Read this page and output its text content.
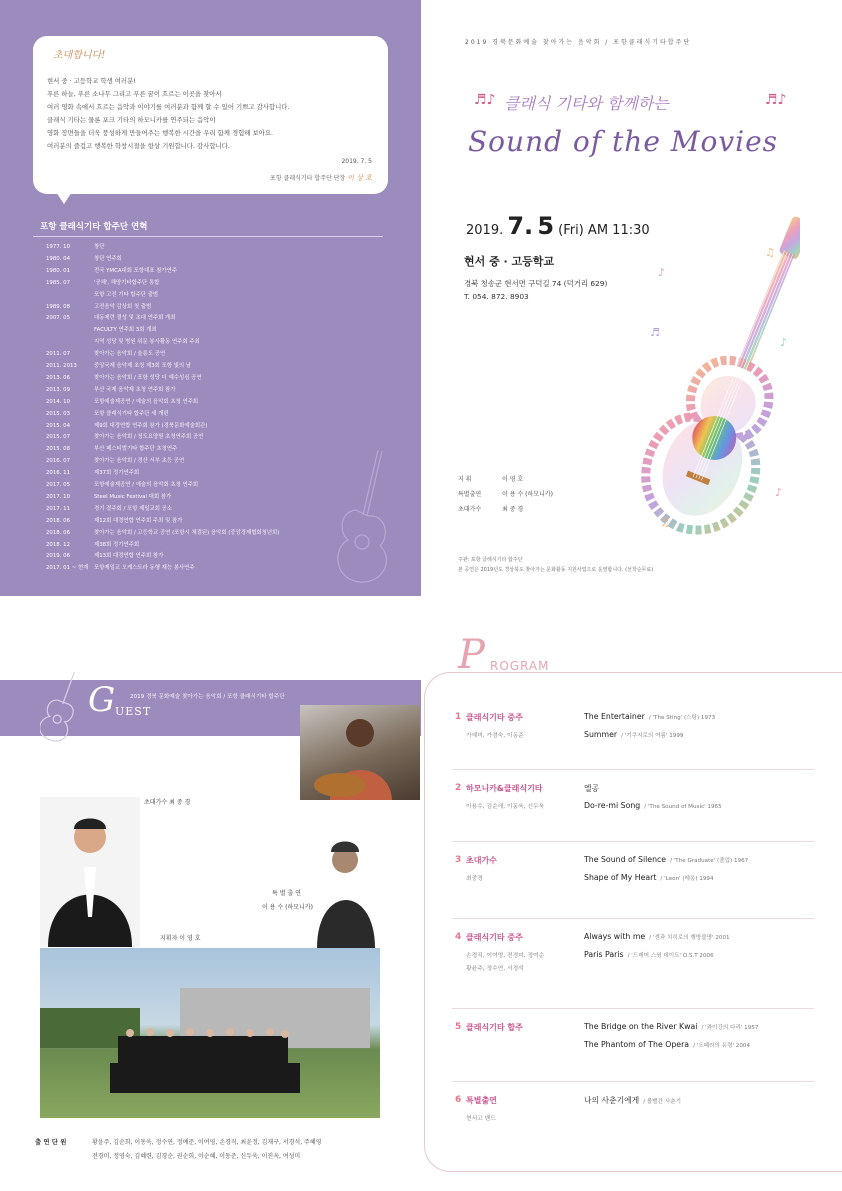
초대합니다!
현서 중 · 고등학교 학생 여러분!
푸른 하늘, 푸른 소나무 그리고 푸른 꿈이 흐르는 이곳을 찾아서
여러 영화 속에서 흐르는 음악과 이야기를 여러분과 함께 할 수 있어 기쁘고 감사합니다.
클래식 기타는 물론 포크 기타의 하모니카를 연주되는 음악이
영화 장면들을 더욱 풍성하게 만들어주는 행복한 시간을 우리 함께 경험해 보아요.
여러분의 즐겁고 행복한 학창시절을 항상 기원합니다. 감사합니다.
2019. 7. 5
포항 클래식기타 합주단 단장 이 상 호
포항 클래식기타 합주단 연혁
1977. 10	창단
1980. 04	창단 연주회
1980. 01	전국 YMCA대회 포항대표 참가연주
1985. 07	'공해', 해양기타합주단 통합
포항 고전 기타 합주단 출범
1989. 08	고전음악 감상회 첫 출범
2007. 05	대동제련 결성 및 초대 연주회 개최
FACULTY 연주회 3회 개최
지역 성당 및 병원 위문 봉사활동 연주회 주최
2011. 07	찾아가는 음악회 / 울릉도 공연
2011. 2013	중앙국제 음악제 초청 제3회 포항 빛의 날
2013. 06	찾아가는 음악회 / 포항 성당 더 예수성심 공연
2013. 09	부산 국제 음악제 초청 연주회 참가
2014. 10	포항예술제공연 / 예술의 음악회 초청 연주회
2015. 03	포항 클래식기타 합주단 새 개편
2015. 04	제9회 대경연합 연주회 참가 (경북문화예술회관)
2015. 07	찾아가는 음악회 / 청도요양원 초청연주회 공연
2015. 08	부산 페스티벌기타 합주단 초청연주
2016. 07	찾아가는 음악회 / 경산 서부 초등 공연
2016. 11	제37회 정기연주회
2017. 05	포항예술제공연 / 예술의 음악회 초청 연주회
2017. 10	Steel Music Festival 대회 참가
2017. 11	경기 결주회 / 포항 제일교회 공소
2018. 06	제12회 대경연합 연주회 주최 및 참가
2018. 06	찾아가는 음악회 / 고등학교 공연 (포항시 체결된) 음악회 (중앙경제협회청년회)
2018. 12	제38회 정기연주회
2019. 06	제13회 대경연합 연주회 참가
2017. 01 ~ 현재 포항제일교 오케스트라 동행 재능 봉사연주
2019 경북문화예술 찾아가는 음악회 / 포항클래식기타합주단
♬♪ 클래식 기타와 함께하는	♬♪
Sound of the Movies
2019. 7. 5 (Fri) AM 11:30
현서 중 · 고등학교
경북 청송군 현서면 구덕길 74 (덕거리 629)
T. 054. 872. 8903
지 휘	이 영 호
특별출연	이 용 수 (하모니카)
초대가수	최 중 경
주관: 포항 클래식기타 합주단
본 공연은 2019년도 경상북도 찾아가는 문화활동 지원사업으로 운영합니다. (선착순무료)
♪
♫
♬
♪
♫
♪
G UEST
2019 경북 문화예술 찾아가는 음악회 / 포항 클래식기타 합주단
초대가수 최 중 경
지휘자 이 영 호
특 별 출 연
이 용 수 (하모니카)
출 연 단 원	황윤주, 김순희, 이동욱, 정수연, 정예준, 이여영, 손경직, 최윤정, 김재구, 서경석, 주혜영
전경미, 정영숙, 김혜련, 김경순, 권순희, 이순혜, 이동준, 신두욱, 이진옥, 여성미
P ROGRAM
1 클래식기타 중주
가예미, 가경숙, 이동준
The Entertainer / 'The Sting' (스팅) 1973
Summer / '기쿠지로의 여름' 1999
2 하모니카&클래식기타
이용수, 김순애, 이동욱, 신두욱
엘공
Do-re-mi Song / 'The Sound of Music' 1965
3 초대가수
최중경
The Sound of Silence / 'The Graduate' (졸업) 1967
Shape of My Heart / 'Leon' (레옹) 1994
4 클래식기타 중주
손경직, 이여영, 전경미, 정여순
황윤주, 정수연, 서경석
Always with me / '센과 치히로의 행방불명' 2001
Paris Paris / '드레머 스윙 데이트' O.S.T 2006
5 클래식기타 합주	The Bridge on the River Kwai / '콰이강의 다리' 1957
The Phantom of The Opera / '오페라의 유령' 2004
6 특별출연
현서고 밴드
나의 사춘기에게 / 볼빨간 사춘기
